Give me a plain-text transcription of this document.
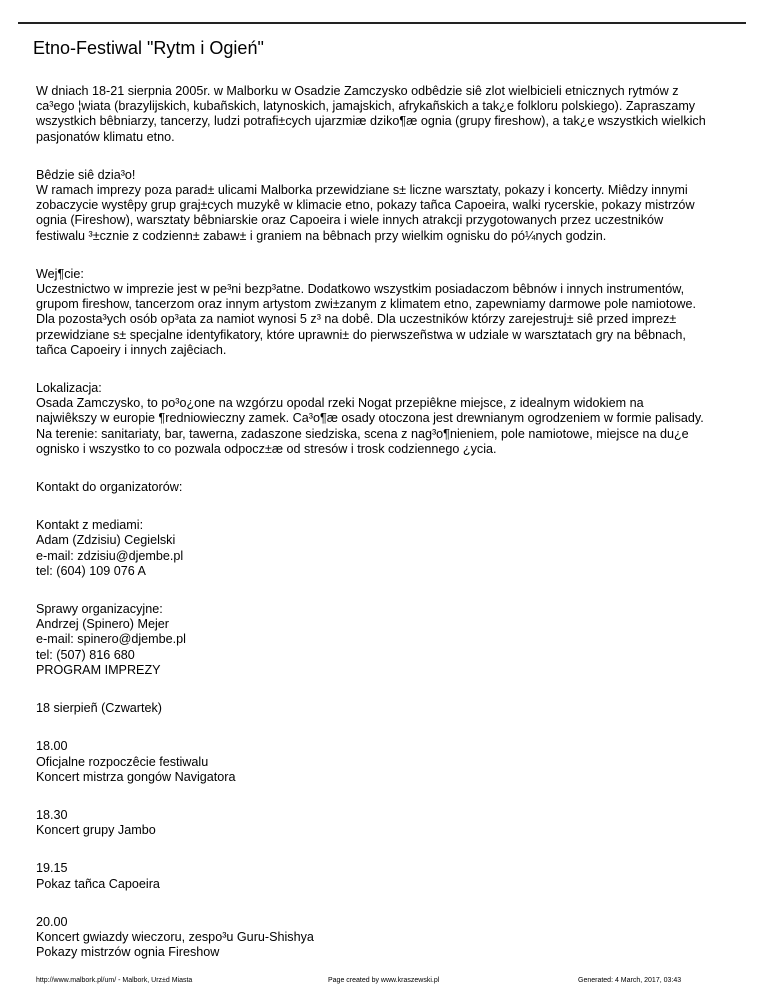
Etno-Festiwal "Rytm i Ogień"

W dniach 18-21 sierpnia 2005r. w Malborku w Osadzie Zamczysko odbêdzie siê zlot wielbicieli etnicznych rytmów z
ca³ego ¦wiata (brazylijskich, kubañskich, latynoskich, jamajskich, afrykañskich a tak¿e folkloru polskiego). Zapraszamy
wszystkich bêbniarzy, tancerzy, ludzi potrafi±cych ujarzmiæ dziko¶æ ognia (grupy fireshow), a tak¿e wszystkich wielkich
pasjonatów klimatu etno.

Bêdzie siê dzia³o!
W ramach imprezy poza parad± ulicami Malborka przewidziane s± liczne warsztaty, pokazy i koncerty. Miêdzy innymi
zobaczycie wystêpy grup graj±cych muzykê w klimacie etno, pokazy tañca Capoeira, walki rycerskie, pokazy mistrzów
ognia (Fireshow), warsztaty bêbniarskie oraz Capoeira i wiele innych atrakcji przygotowanych przez uczestników
festiwalu ³±cznie z codzienn± zabaw± i graniem na bêbnach przy wielkim ognisku do pó¼nych godzin.

Wej¶cie:
Uczestnictwo w imprezie jest w pe³ni bezp³atne. Dodatkowo wszystkim posiadaczom bêbnów i innych instrumentów,
grupom fireshow, tancerzom oraz innym artystom zwi±zanym z klimatem etno, zapewniamy darmowe pole namiotowe.
Dla pozosta³ych osób op³ata za namiot wynosi 5 z³ na dobê. Dla uczestników którzy zarejestruj± siê przed imprez±
przewidziane s± specjalne identyfikatory, które uprawni± do pierwszeñstwa w udziale w warsztatach gry na bêbnach,
tañca Capoeiry i innych zajêciach.

Lokalizacja:
Osada Zamczysko, to po³o¿one na wzgórzu opodal rzeki Nogat przepiêkne miejsce, z idealnym widokiem na
najwiêkszy w europie ¶redniowieczny zamek. Ca³o¶æ osady otoczona jest drewnianym ogrodzeniem w formie palisady.
Na terenie: sanitariaty, bar, tawerna, zadaszone siedziska, scena z nag³o¶nieniem, pole namiotowe, miejsce na du¿e
ognisko i wszystko to co pozwala odpocz±æ od stresów i trosk codziennego ¿ycia.

Kontakt do organizatorów:

Kontakt z mediami:
Adam (Zdzisiu) Cegielski
e-mail: zdzisiu@djembe.pl
tel: (604) 109 076 A

Sprawy organizacyjne:
Andrzej (Spinero) Mejer
e-mail: spinero@djembe.pl
tel: (507) 816 680
PROGRAM IMPREZY

18 sierpieñ (Czwartek)

18.00
Oficjalne rozpoczêcie festiwalu
Koncert mistrza gongów Navigatora

18.30
Koncert grupy Jambo

19.15
Pokaz tañca Capoeira

20.00
Koncert gwiazdy wieczoru, zespo³u Guru-Shishya
Pokazy mistrzów ognia Fireshow

http://www.malbork.pl/um/ - Malbork, Urz±d Miasta	Page created by www.kraszewski.pl	Generated: 4 March, 2017, 03:43
